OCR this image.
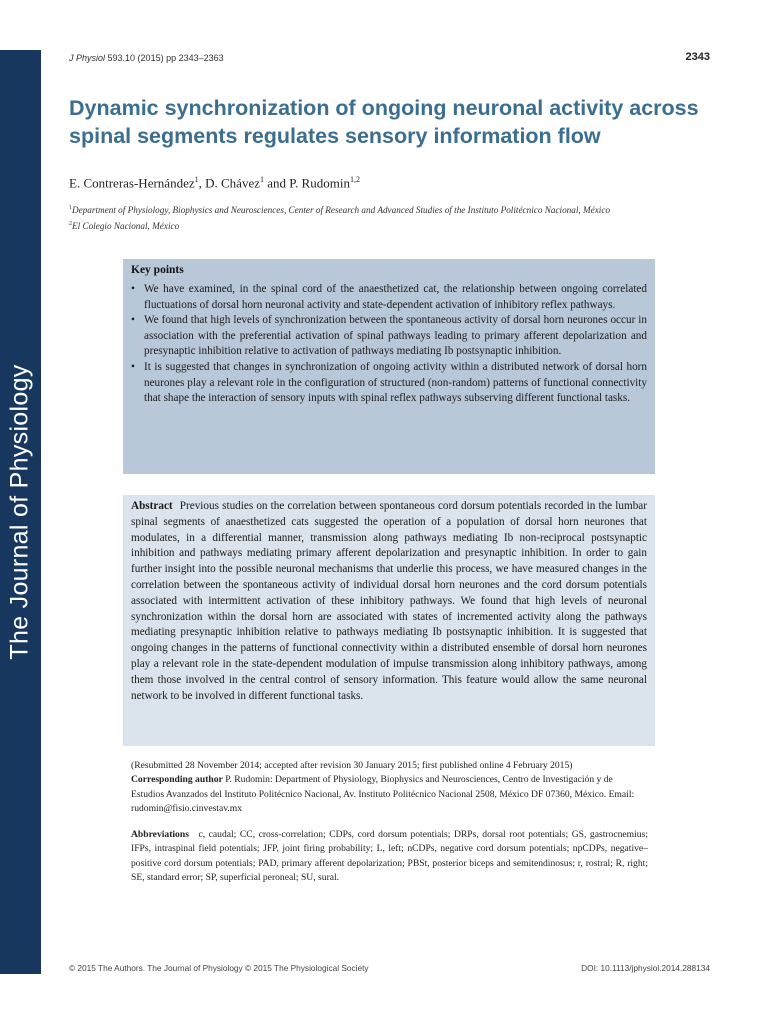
The Journal of Physiology
J Physiol 593.10 (2015) pp 2343–2363	2343
Dynamic synchronization of ongoing neuronal activity across spinal segments regulates sensory information flow
E. Contreras-Hernández$^1$, D. Chávez$^1$ and P. Rudomin$^{1,2}$
$^1$Department of Physiology, Biophysics and Neurosciences, Center of Research and Advanced Studies of the Instituto Politécnico Nacional, México
$^2$El Colegio Nacional, México
Key points
• We have examined, in the spinal cord of the anaesthetized cat, the relationship between ongoing correlated fluctuations of dorsal horn neuronal activity and state-dependent activation of inhibitory reflex pathways.
• We found that high levels of synchronization between the spontaneous activity of dorsal horn neurones occur in association with the preferential activation of spinal pathways leading to primary afferent depolarization and presynaptic inhibition relative to activation of pathways mediating Ib postsynaptic inhibition.
• It is suggested that changes in synchronization of ongoing activity within a distributed network of dorsal horn neurones play a relevant role in the configuration of structured (non-random) patterns of functional connectivity that shape the interaction of sensory inputs with spinal reflex pathways subserving different functional tasks.
Abstract Previous studies on the correlation between spontaneous cord dorsum potentials recorded in the lumbar spinal segments of anaesthetized cats suggested the operation of a population of dorsal horn neurones that modulates, in a differential manner, transmission along pathways mediating Ib non-reciprocal postsynaptic inhibition and pathways mediating primary afferent depolarization and presynaptic inhibition. In order to gain further insight into the possible neuronal mechanisms that underlie this process, we have measured changes in the correlation between the spontaneous activity of individual dorsal horn neurones and the cord dorsum potentials associated with intermittent activation of these inhibitory pathways. We found that high levels of neuronal synchronization within the dorsal horn are associated with states of incremented activity along the pathways mediating presynaptic inhibition relative to pathways mediating Ib postsynaptic inhibition. It is suggested that ongoing changes in the patterns of functional connectivity within a distributed ensemble of dorsal horn neurones play a relevant role in the state-dependent modulation of impulse transmission along inhibitory pathways, among them those involved in the central control of sensory information. This feature would allow the same neuronal network to be involved in different functional tasks.

(Resubmitted 28 November 2014; accepted after revision 30 January 2015; first published online 4 February 2015)

Corresponding author P. Rudomin: Department of Physiology, Biophysics and Neurosciences, Centro de Investigación y de Estudios Avanzados del Instituto Politécnico Nacional, Av. Instituto Politécnico Nacional 2508, México DF 07360, México. Email: rudomin@fisio.cinvestav.mx

Abbreviations c, caudal; CC, cross-correlation; CDPs, cord dorsum potentials; DRPs, dorsal root potentials; GS, gastrocnemius; IFPs, intraspinal field potentials; JFP, joint firing probability; L, left; nCDPs, negative cord dorsum potentials; npCDPs, negative–positive cord dorsum potentials; PAD, primary afferent depolarization; PBSt, posterior biceps and semitendinosus; r, rostral; R, right; SE, standard error; SP, superficial peroneal; SU, sural.

© 2015 The Authors. The Journal of Physiology © 2015 The Physiological Society	DOI: 10.1113/jphysiol.2014.288134
